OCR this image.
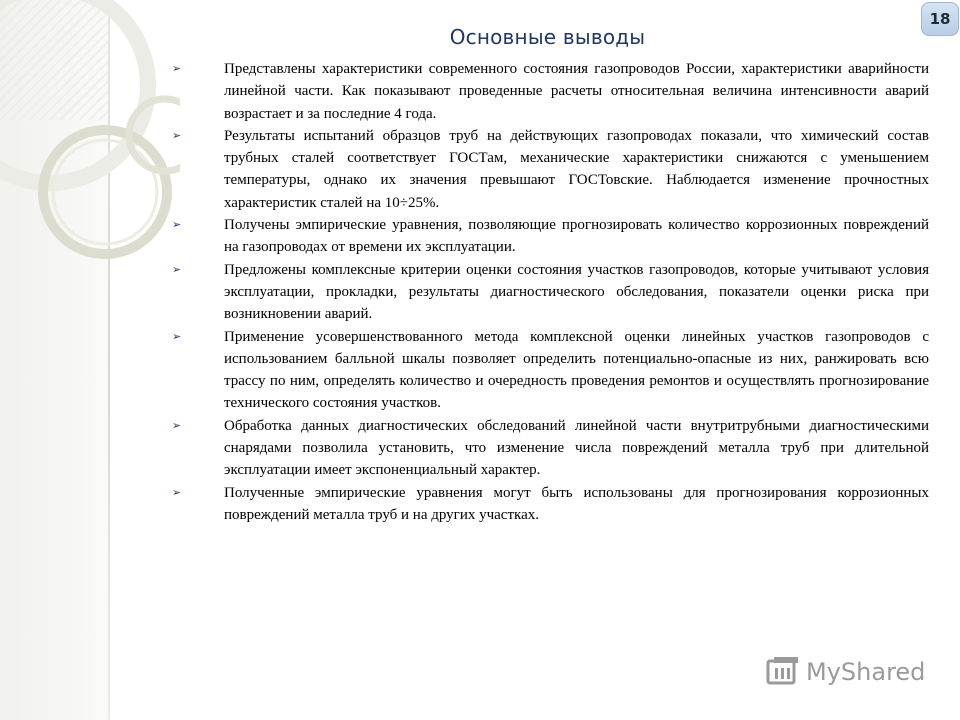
Основные выводы
18
➢	Представлены характеристики современного состояния газопроводов России, характеристики аварийности линейной части. Как показывают проведенные расчеты относительная величина интенсивности аварий возрастает и за последние 4 года.
➢	Результаты испытаний образцов труб на действующих газопроводах показали, что химический состав трубных сталей соответствует ГОСТам, механические характеристики снижаются с уменьшением температуры, однако их значения превышают ГОСТовские. Наблюдается изменение прочностных характеристик сталей на 10÷25%.
➢	Получены эмпирические уравнения, позволяющие прогнозировать количество коррозионных повреждений на газопроводах от времени их эксплуатации.
➢	Предложены комплексные критерии оценки состояния участков газопроводов, которые учитывают условия эксплуатации, прокладки, результаты диагностического обследования, показатели оценки риска при возникновении аварий.
➢	Применение усовершенствованного метода комплексной оценки линейных участков газопроводов с использованием балльной шкалы позволяет определить потенциально-опасные из них, ранжировать всю трассу по ним, определять количество и очередность проведения ремонтов и осуществлять прогнозирование технического состояния участков.
➢	Обработка данных диагностических обследований линейной части внутритрубными диагностическими снарядами позволила установить, что изменение числа повреждений металла труб при длительной эксплуатации имеет экспоненциальный характер.
➢	Полученные эмпирические уравнения могут быть использованы для прогнозирования коррозионных повреждений металла труб и на других участках.
MyShared
